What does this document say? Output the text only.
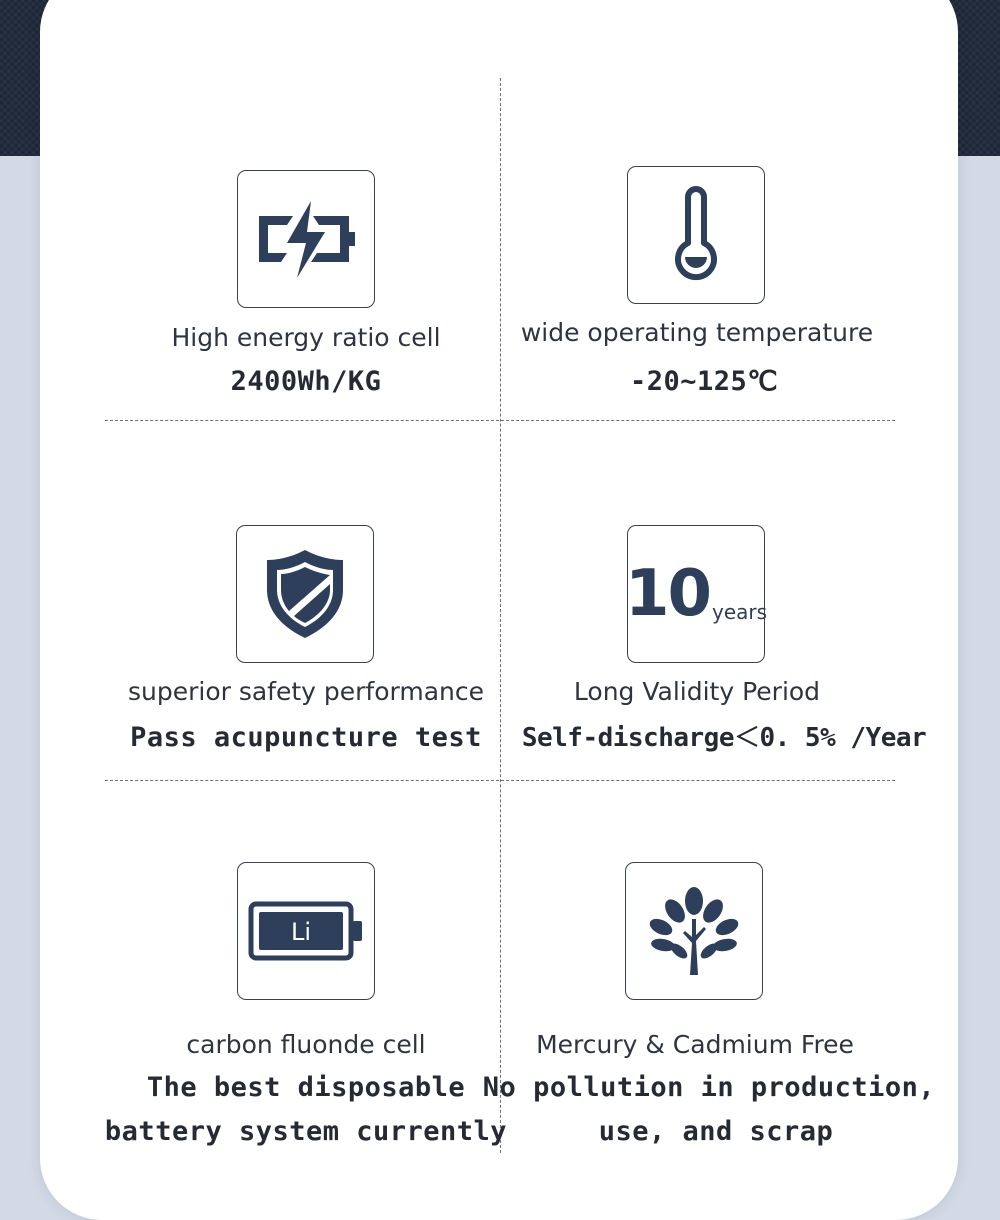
High energy ratio cell
2400Wh/KG
wide operating temperature
-20~125℃
superior safety performance
Pass acupuncture test
10 years
Long Validity Period
Self-discharge＜0. 5% /Year
Li
carbon fluonde cell
The best disposable
battery system currently
Mercury & Cadmium Free
No pollution in production,
use, and scrap
